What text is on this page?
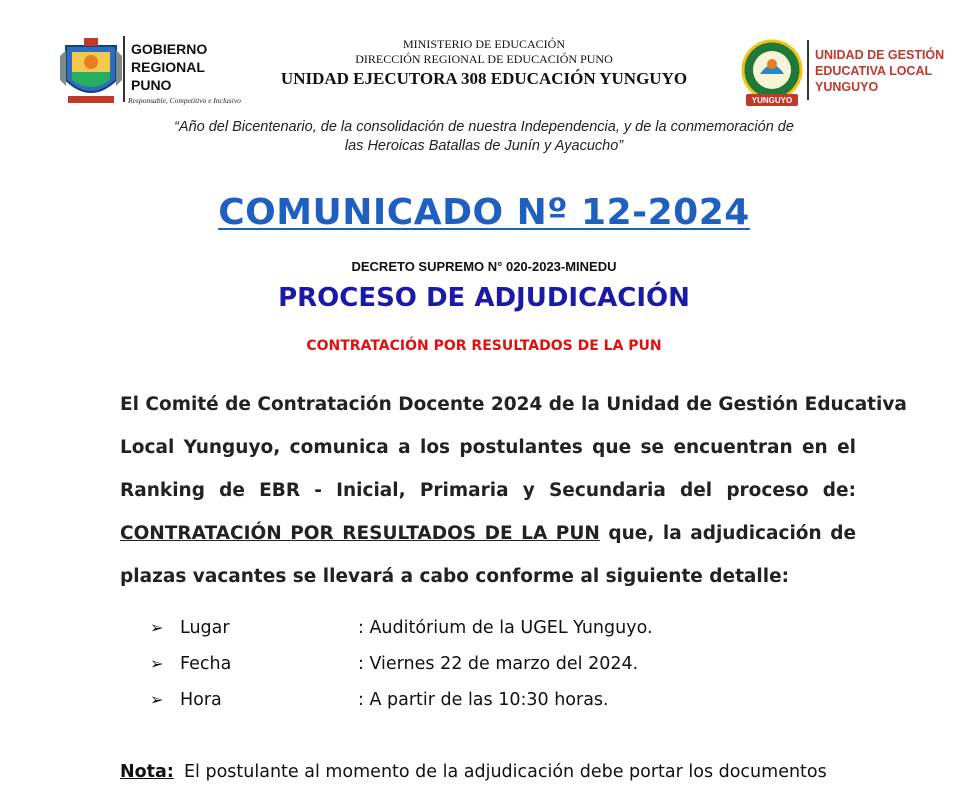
GOBIERNO
REGIONAL
PUNO
Responsable, Competitivo e Inclusivo
MINISTERIO DE EDUCACIÓN
DIRECCIÓN REGIONAL DE EDUCACIÓN PUNO
UNIDAD EJECUTORA 308 EDUCACIÓN YUNGUYO
YUNGUYO
UNIDAD DE GESTIÓN
EDUCATIVA LOCAL
YUNGUYO
“Año del Bicentenario, de la consolidación de nuestra Independencia, y de la conmemoración de
las Heroicas Batallas de Junín y Ayacucho”
COMUNICADO Nº 12-2024
DECRETO SUPREMO N° 020-2023-MINEDU
PROCESO DE ADJUDICACIÓN
CONTRATACIÓN POR RESULTADOS DE LA PUN
El Comité de Contratación Docente 2024 de la Unidad de Gestión Educativa
Local Yunguyo, comunica a los postulantes que se encuentran en el
Ranking de EBR - Inicial, Primaria y Secundaria del proceso de:
CONTRATACIÓN POR RESULTADOS DE LA PUN que, la adjudicación de
plazas vacantes se llevará a cabo conforme al siguiente detalle:
➢ Lugar	: Auditórium de la UGEL Yunguyo.
➢ Fecha	: Viernes 22 de marzo del 2024.
➢ Hora	: A partir de las 10:30 horas.
Nota: El postulante al momento de la adjudicación debe portar los documentos
